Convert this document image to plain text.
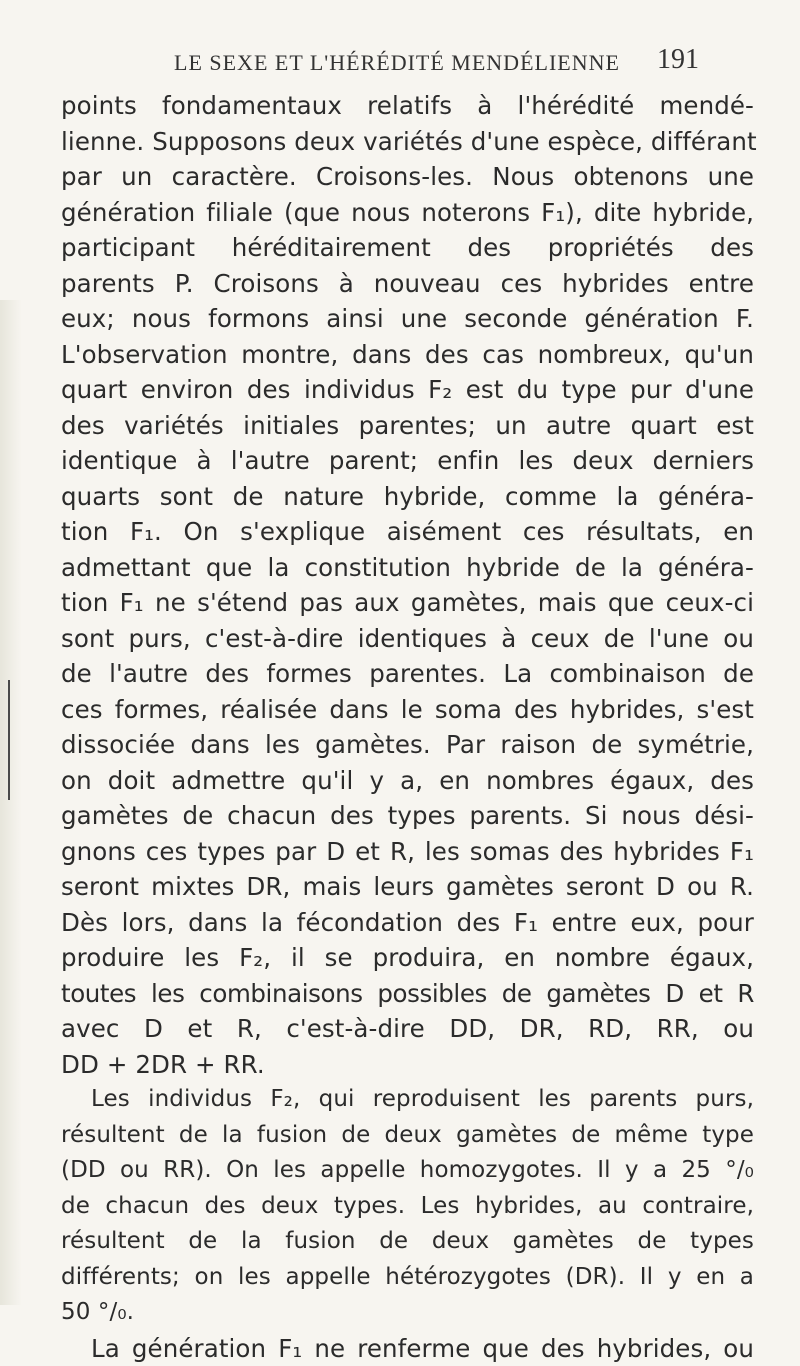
LE SEXE ET L'HÉRÉDITÉ MENDÉLIENNE 191

points fondamentaux relatifs à l'hérédité mendé-
lienne. Supposons deux variétés d'une espèce, différant
par un caractère. Croisons-les. Nous obtenons une
génération filiale (que nous noterons F₁), dite hybride,
participant héréditairement des propriétés des
parents P. Croisons à nouveau ces hybrides entre
eux; nous formons ainsi une seconde génération F.
L'observation montre, dans des cas nombreux, qu'un
quart environ des individus F₂ est du type pur d'une
des variétés initiales parentes; un autre quart est
identique à l'autre parent; enfin les deux derniers
quarts sont de nature hybride, comme la généra-
tion F₁. On s'explique aisément ces résultats, en
admettant que la constitution hybride de la généra-
tion F₁ ne s'étend pas aux gamètes, mais que ceux-ci
sont purs, c'est-à-dire identiques à ceux de l'une ou
de l'autre des formes parentes. La combinaison de
ces formes, réalisée dans le soma des hybrides, s'est
dissociée dans les gamètes. Par raison de symétrie,
on doit admettre qu'il y a, en nombres égaux, des
gamètes de chacun des types parents. Si nous dési-
gnons ces types par D et R, les somas des hybrides F₁
seront mixtes DR, mais leurs gamètes seront D ou R.
Dès lors, dans la fécondation des F₁ entre eux, pour
produire les F₂, il se produira, en nombre égaux,
toutes les combinaisons possibles de gamètes D et R
avec D et R, c'est-à-dire DD, DR, RD, RR, ou
DD + 2DR + RR.

Les individus F₂, qui reproduisent les parents purs,
résultent de la fusion de deux gamètes de même type
(DD ou RR). On les appelle homozygotes. Il y a 25 °/₀
de chacun des deux types. Les hybrides, au contraire,
résultent de la fusion de deux gamètes de types
différents; on les appelle hétérozygotes (DR). Il y en a
50 °/₀.

La génération F₁ ne renferme que des hybrides, ou
